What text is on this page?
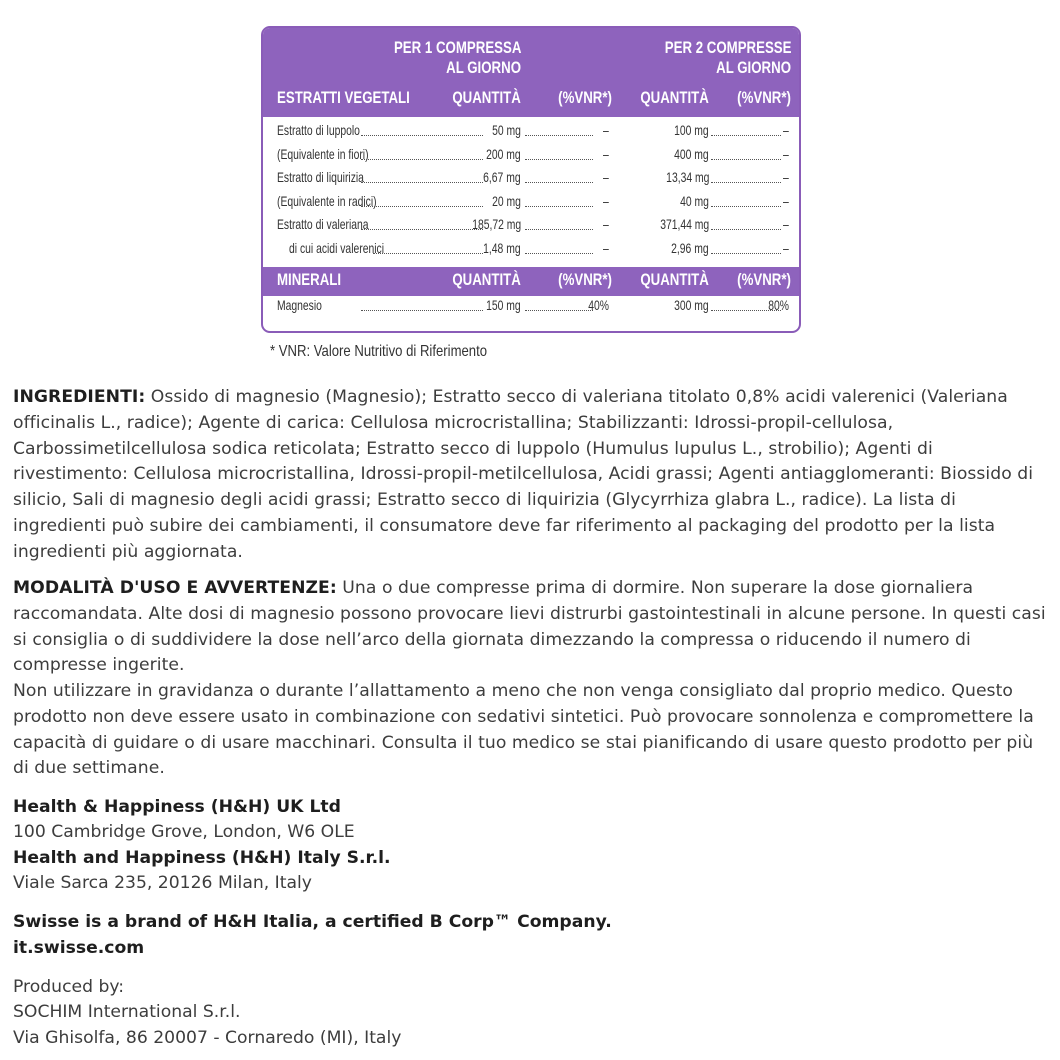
PER 1 COMPRESSA
AL GIORNO
PER 2 COMPRESSE
AL GIORNO
ESTRATTI VEGETALI	QUANTITÀ (%VNR*) QUANTITÀ (%VNR*)
Estratto di luppolo	50 mg	–	100 mg	–
(Equivalente in fiori)	200 mg	–	400 mg	–
Estratto di liquirizia	6,67 mg	–	13,34 mg	–
(Equivalente in radici)	20 mg	–	40 mg	–
Estratto di valeriana	185,72 mg	–	371,44 mg	–
di cui acidi valerenici	1,48 mg	–	2,96 mg	–
MINERALI	QUANTITÀ (%VNR*) QUANTITÀ (%VNR*)
Magnesio	150 mg	40%	300 mg	80%
* VNR: Valore Nutritivo di Riferimento
INGREDIENTI: Ossido di magnesio (Magnesio); Estratto secco di valeriana titolato 0,8% acidi valerenici (Valeriana officinalis L., radice); Agente di carica: Cellulosa microcristallina; Stabilizzanti: Idrossi-propil-cellulosa, Carbossimetilcellulosa sodica reticolata; Estratto secco di luppolo (Humulus lupulus L., strobilio); Agenti di rivestimento: Cellulosa microcristallina, Idrossi-propil-metilcellulosa, Acidi grassi; Agenti antiagglomeranti: Biossido di silicio, Sali di magnesio degli acidi grassi; Estratto secco di liquirizia (Glycyrrhiza glabra L., radice). La lista di ingredienti può subire dei cambiamenti, il consumatore deve far riferimento al packaging del prodotto per la lista ingredienti più aggiornata.
MODALITÀ D'USO E AVVERTENZE: Una o due compresse prima di dormire. Non superare la dose giornaliera raccomandata. Alte dosi di magnesio possono provocare lievi distrurbi gastointestinali in alcune persone. In questi casi si consiglia o di suddividere la dose nell’arco della giornata dimezzando la compressa o riducendo il numero di compresse ingerite.
Non utilizzare in gravidanza o durante l’allattamento a meno che non venga consigliato dal proprio medico. Questo prodotto non deve essere usato in combinazione con sedativi sintetici. Può provocare sonnolenza e compromettere la capacità di guidare o di usare macchinari. Consulta il tuo medico se stai pianificando di usare questo prodotto per più di due settimane.
Health & Happiness (H&H) UK Ltd
100 Cambridge Grove, London, W6 OLE
Health and Happiness (H&H) Italy S.r.l.
Viale Sarca 235, 20126 Milan, Italy
Swisse is a brand of H&H Italia, a certified B Corp™ Company.
it.swisse.com
Produced by:
SOCHIM International S.r.l.
Via Ghisolfa, 86 20007 - Cornaredo (MI), Italy
